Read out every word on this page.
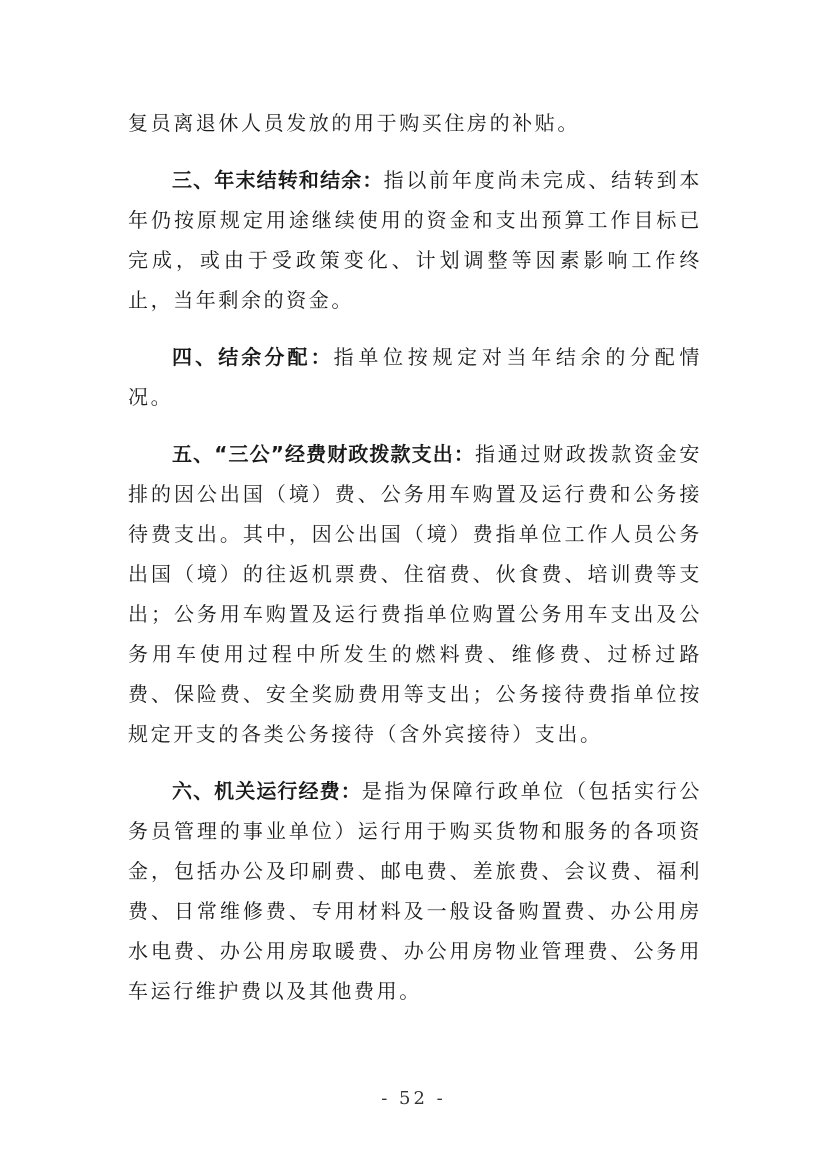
复员离退休人员发放的用于购买住房的补贴。

三、年末结转和结余：指以前年度尚未完成、结转到本年仍按原规定用途继续使用的资金和支出预算工作目标已完成，或由于受政策变化、计划调整等因素影响工作终止，当年剩余的资金。

四、结余分配：指单位按规定对当年结余的分配情况。

五、“三公”经费财政拨款支出：指通过财政拨款资金安排的因公出国（境）费、公务用车购置及运行费和公务接待费支出。其中，因公出国（境）费指单位工作人员公务出国（境）的往返机票费、住宿费、伙食费、培训费等支出；公务用车购置及运行费指单位购置公务用车支出及公务用车使用过程中所发生的燃料费、维修费、过桥过路费、保险费、安全奖励费用等支出；公务接待费指单位按规定开支的各类公务接待（含外宾接待）支出。

六、机关运行经费：是指为保障行政单位（包括实行公务员管理的事业单位）运行用于购买货物和服务的各项资金，包括办公及印刷费、邮电费、差旅费、会议费、福利费、日常维修费、专用材料及一般设备购置费、办公用房水电费、办公用房取暖费、办公用房物业管理费、公务用车运行维护费以及其他费用。

- 52 -
